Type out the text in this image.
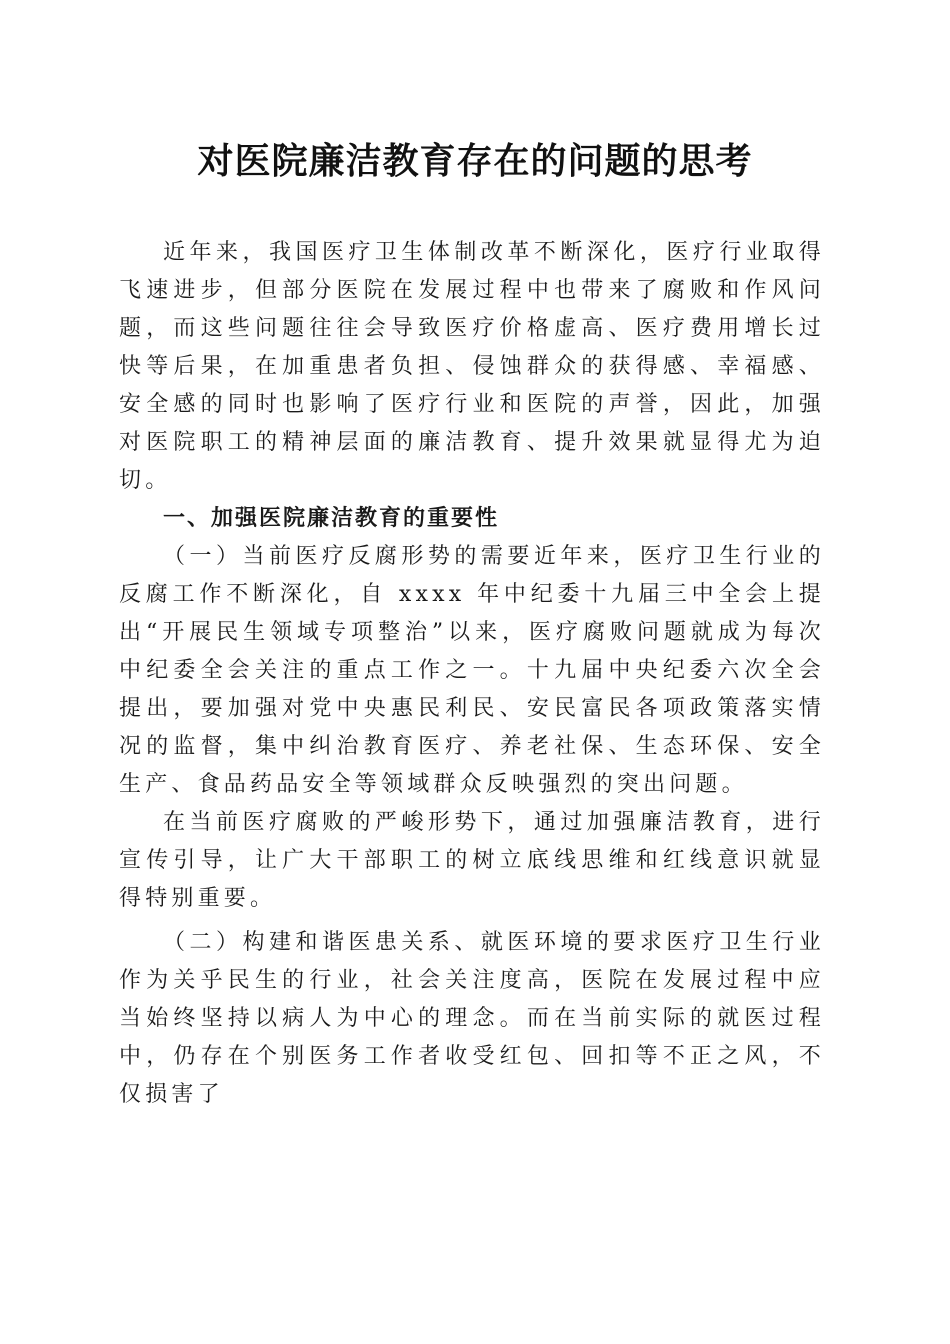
对医院廉洁教育存在的问题的思考

近年来，我国医疗卫生体制改革不断深化，医疗行业取得飞速进步，但部分医院在发展过程中也带来了腐败和作风问题，而这些问题往往会导致医疗价格虚高、医疗费用增长过快等后果，在加重患者负担、侵蚀群众的获得感、幸福感、安全感的同时也影响了医疗行业和医院的声誉，因此，加强对医院职工的精神层面的廉洁教育、提升效果就显得尤为迫切。

一、加强医院廉洁教育的重要性

（一）当前医疗反腐形势的需要近年来，医疗卫生行业的反腐工作不断深化，自 xxxx 年中纪委十九届三中全会上提出“开展民生领域专项整治”以来，医疗腐败问题就成为每次中纪委全会关注的重点工作之一。十九届中央纪委六次全会提出，要加强对党中央惠民利民、安民富民各项政策落实情况的监督，集中纠治教育医疗、养老社保、生态环保、安全生产、食品药品安全等领域群众反映强烈的突出问题。

在当前医疗腐败的严峻形势下，通过加强廉洁教育，进行宣传引导，让广大干部职工的树立底线思维和红线意识就显得特别重要。

（二）构建和谐医患关系、就医环境的要求医疗卫生行业作为关乎民生的行业，社会关注度高，医院在发展过程中应当始终坚持以病人为中心的理念。而在当前实际的就医过程中，仍存在个别医务工作者收受红包、回扣等不正之风，不仅损害了
